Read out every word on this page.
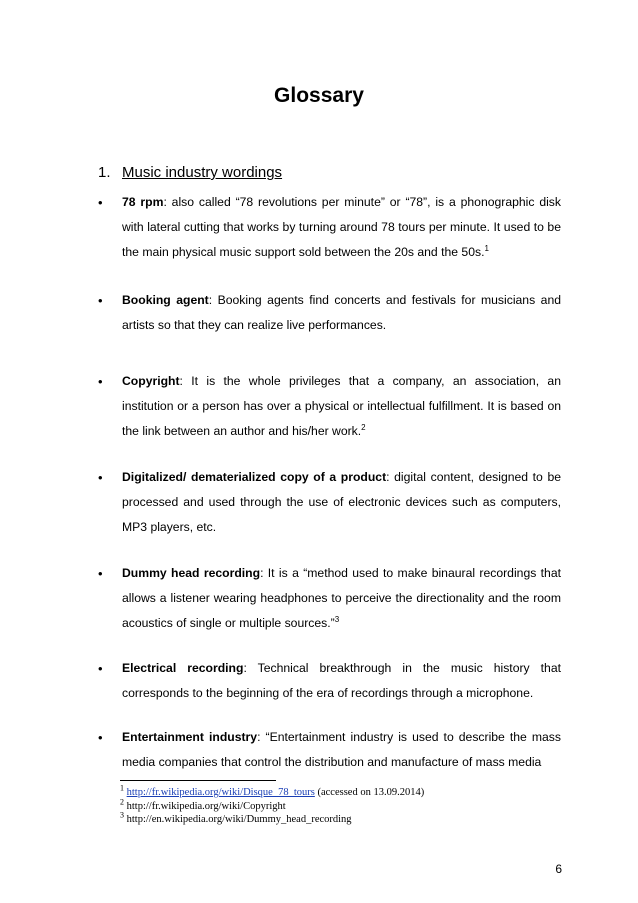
Glossary
1. Music industry wordings
• 78 rpm: also called “78 revolutions per minute” or “78”, is a phonographic disk with lateral cutting that works by turning around 78 tours per minute. It used to be the main physical music support sold between the 20s and the 50s.$^1$
• Booking agent: Booking agents find concerts and festivals for musicians and artists so that they can realize live performances.
• Copyright: It is the whole privileges that a company, an association, an institution or a person has over a physical or intellectual fulfillment. It is based on the link between an author and his/her work.$^2$
• Digitalized/ dematerialized copy of a product: digital content, designed to be processed and used through the use of electronic devices such as computers, MP3 players, etc.
• Dummy head recording: It is a “method used to make binaural recordings that allows a listener wearing headphones to perceive the directionality and the room acoustics of single or multiple sources.”$^3$
• Electrical recording: Technical breakthrough in the music history that corresponds to the beginning of the era of recordings through a microphone.
• Entertainment industry: “Entertainment industry is used to describe the mass media companies that control the distribution and manufacture of mass media
$^1$ http://fr.wikipedia.org/wiki/Disque_78_tours (accessed on 13.09.2014)
$^2$ http://fr.wikipedia.org/wiki/Copyright
$^3$ http://en.wikipedia.org/wiki/Dummy_head_recording
6
